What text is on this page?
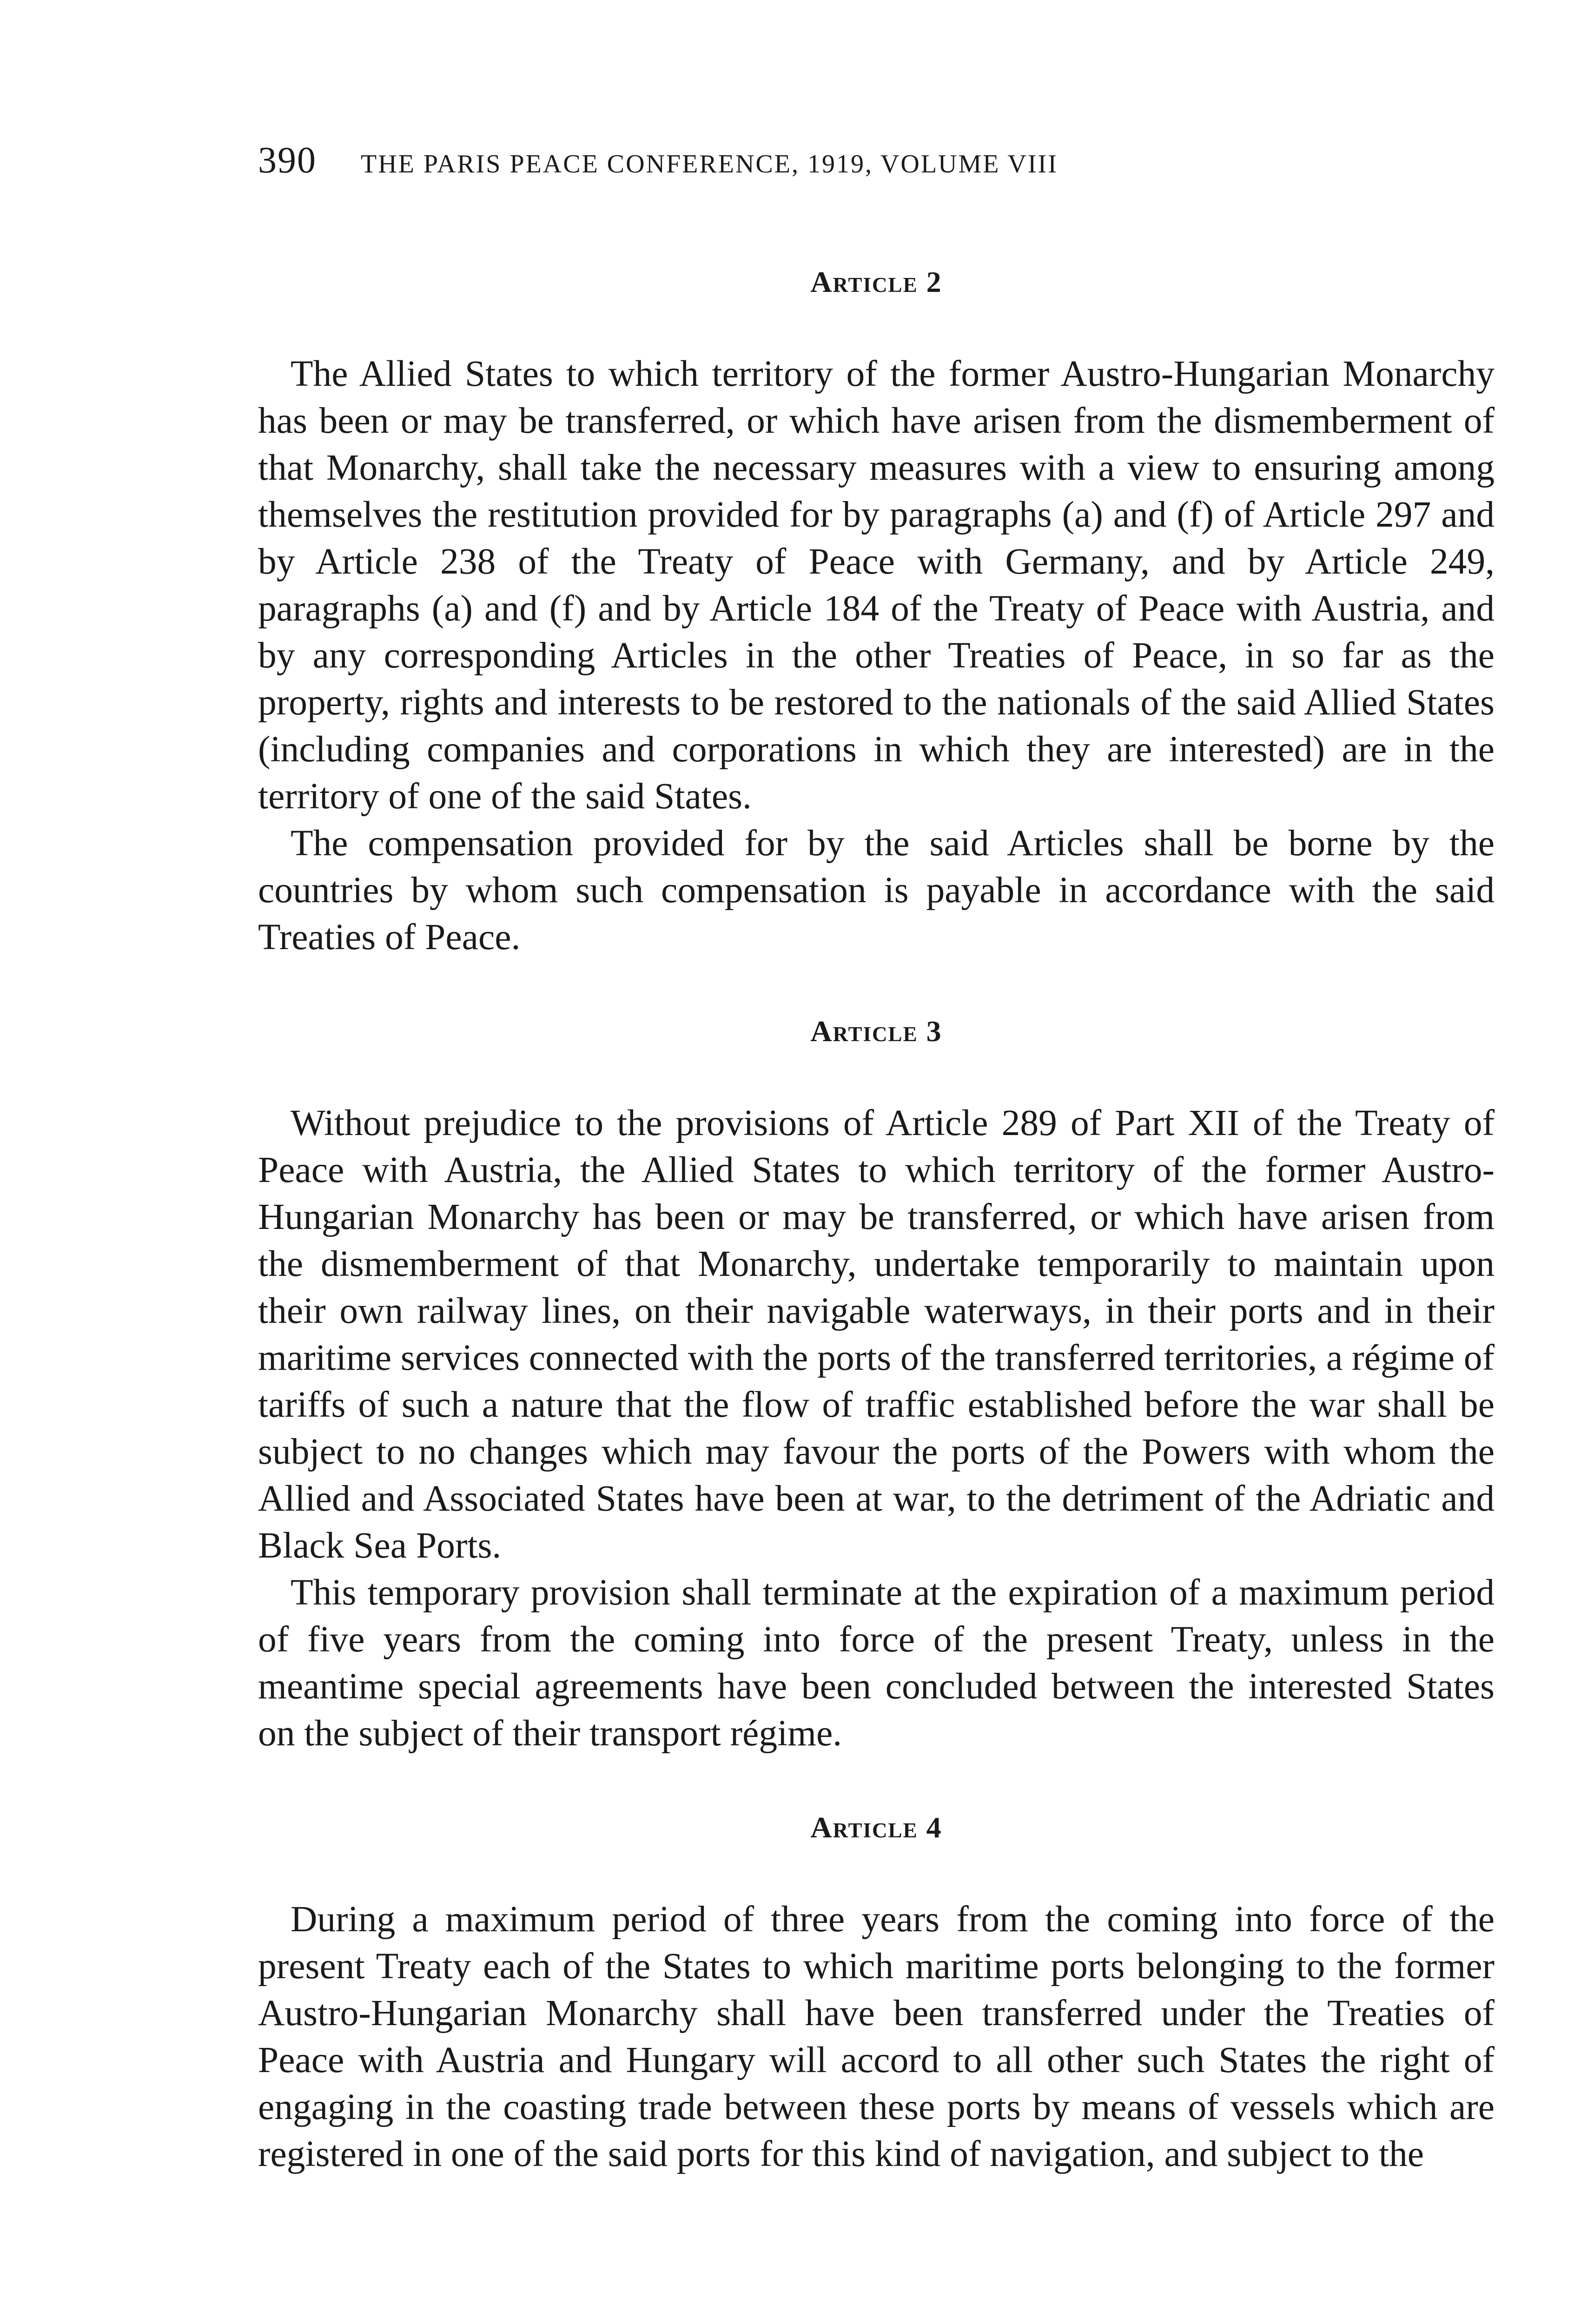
390 THE PARIS PEACE CONFERENCE, 1919, VOLUME VIII
Article 2

The Allied States to which territory of the former Austro-Hungarian Monarchy has been or may be transferred, or which have arisen from the dismemberment of that Monarchy, shall take the necessary measures with a view to ensuring among themselves the restitution provided for by paragraphs (a) and (f) of Article 297 and by Article 238 of the Treaty of Peace with Germany, and by Article 249, paragraphs (a) and (f) and by Article 184 of the Treaty of Peace with Austria, and by any corresponding Articles in the other Treaties of Peace, in so far as the property, rights and interests to be restored to the nationals of the said Allied States (including companies and corporations in which they are interested) are in the territory of one of the said States.

The compensation provided for by the said Articles shall be borne by the countries by whom such compensation is payable in accordance with the said Treaties of Peace.

Article 3

Without prejudice to the provisions of Article 289 of Part XII of the Treaty of Peace with Austria, the Allied States to which territory of the former Austro-Hungarian Monarchy has been or may be transferred, or which have arisen from the dismemberment of that Monarchy, undertake temporarily to maintain upon their own railway lines, on their navigable waterways, in their ports and in their maritime services connected with the ports of the transferred territories, a régime of tariffs of such a nature that the flow of traffic established before the war shall be subject to no changes which may favour the ports of the Powers with whom the Allied and Associated States have been at war, to the detriment of the Adriatic and Black Sea Ports.

This temporary provision shall terminate at the expiration of a maximum period of five years from the coming into force of the present Treaty, unless in the meantime special agreements have been concluded between the interested States on the subject of their transport régime.

Article 4

During a maximum period of three years from the coming into force of the present Treaty each of the States to which maritime ports belonging to the former Austro-Hungarian Monarchy shall have been transferred under the Treaties of Peace with Austria and Hungary will accord to all other such States the right of engaging in the coasting trade between these ports by means of vessels which are registered in one of the said ports for this kind of navigation, and subject to the
